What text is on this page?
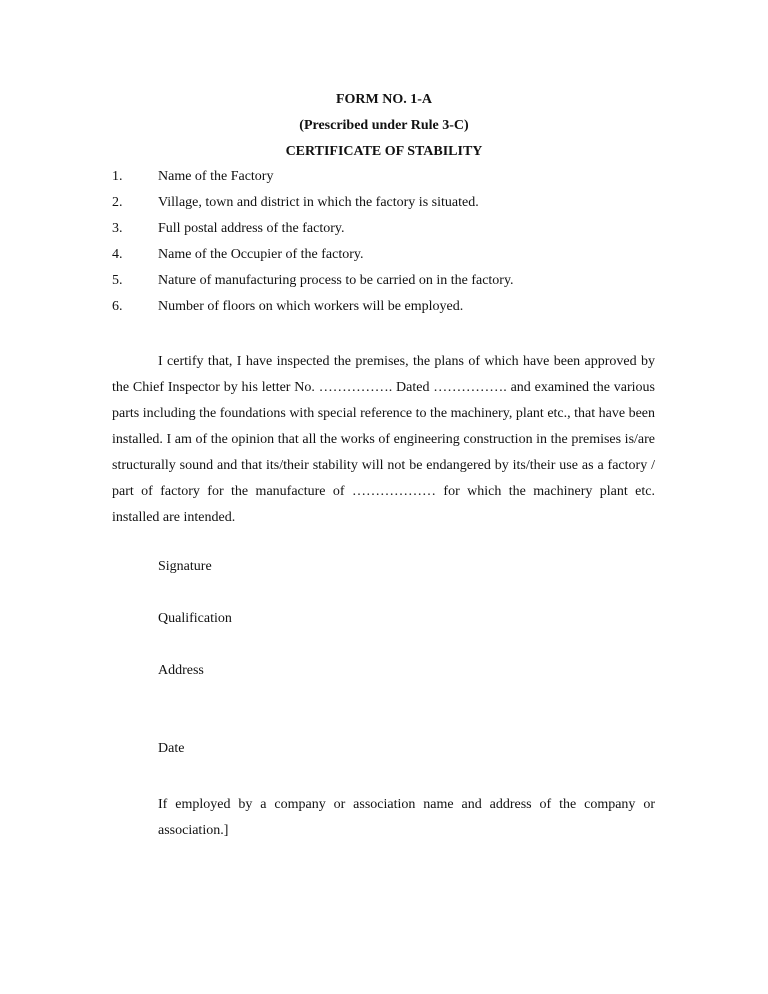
FORM NO. 1-A
(Prescribed under Rule 3-C)
CERTIFICATE OF STABILITY
1.	Name of the Factory
2.	Village, town and district in which the factory is situated.
3.	Full postal address of the factory.
4.	Name of the Occupier of the factory.
5.	Nature of manufacturing process to be carried on in the factory.
6.	Number of floors on which workers will be employed.

I certify that, I have inspected the premises, the plans of which have been approved by the Chief Inspector by his letter No. ……………. Dated ……………. and examined the various parts including the foundations with special reference to the machinery, plant etc., that have been installed. I am of the opinion that all the works of engineering construction in the premises is/are structurally sound and that its/their stability will not be endangered by its/their use as a factory / part of factory for the manufacture of ……………… for which the machinery plant etc. installed are intended.

Signature
Qualification
Address
Date

If employed by a company or association name and address of the company or association.]
